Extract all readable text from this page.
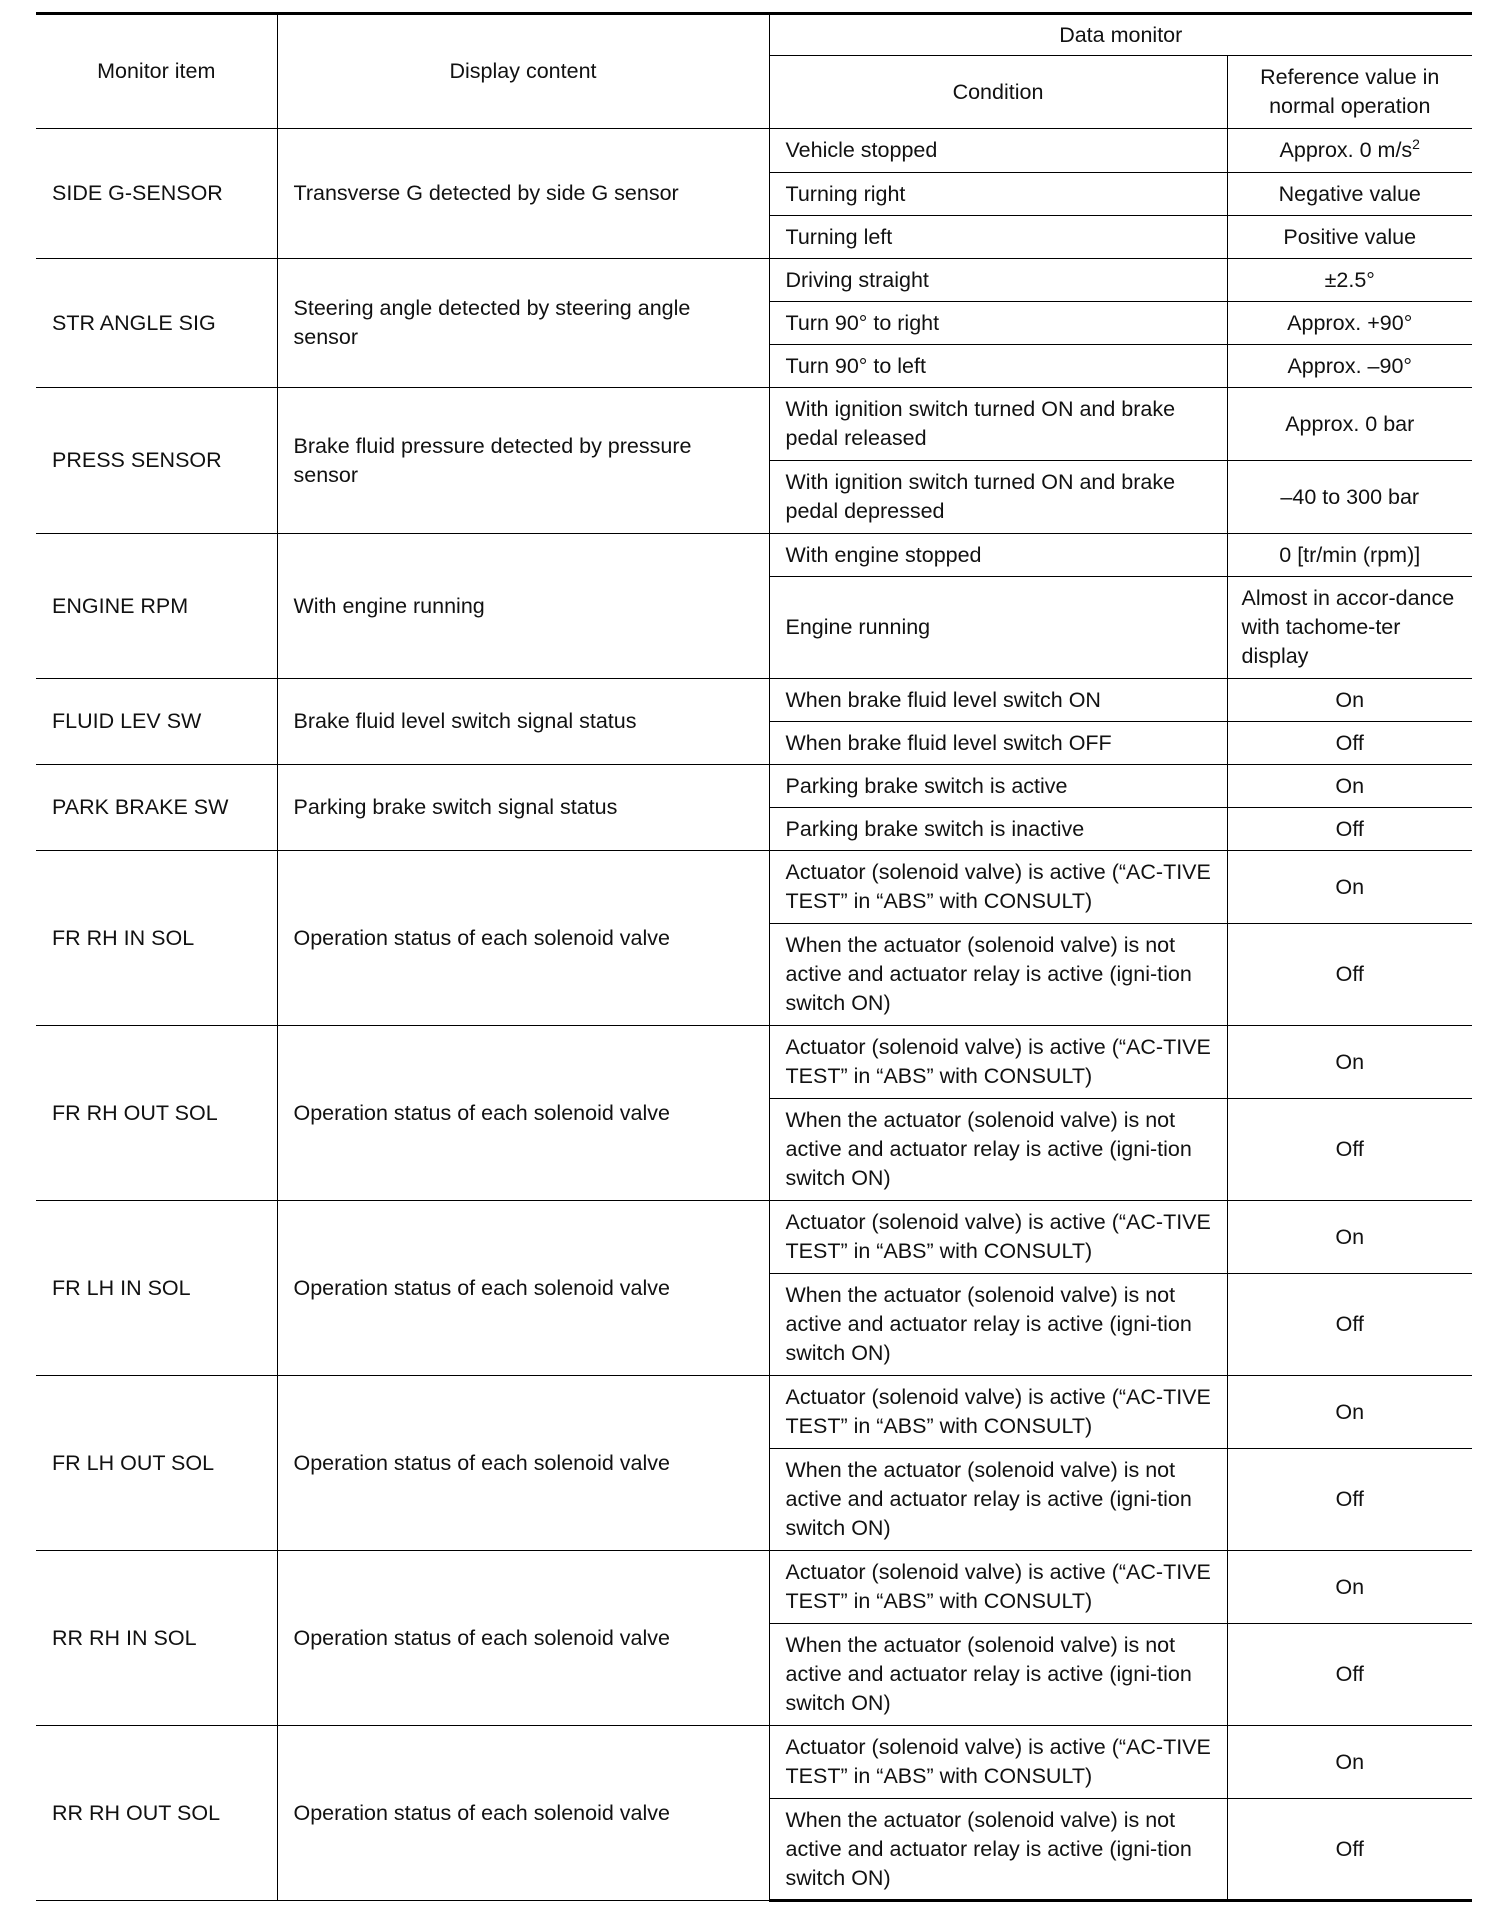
Monitor item	Display content	Data monitor	
		Condition	Reference value in normal operation
SIDE G-SENSOR	Transverse G detected by side G sensor	Vehicle stopped	Approx. 0 $m/s^2$
		Turning right	Negative value
		Turning left	Positive value
STR ANGLE SIG	Steering angle detected by steering angle sensor	Driving straight	±2.5°
		Turn 90° to right	Approx. +90°
		Turn 90° to left	Approx. –90°
PRESS SENSOR	Brake fluid pressure detected by pressure sensor	With ignition switch turned ON and brake pedal released	Approx. 0 bar
		With ignition switch turned ON and brake pedal depressed	–40 to 300 bar
ENGINE RPM	With engine running	With engine stopped	0 [tr/min (rpm)]
		Engine running	Almost in accor-dance with tachome-ter display
FLUID LEV SW	Brake fluid level switch signal status	When brake fluid level switch ON	On
		When brake fluid level switch OFF	Off
PARK BRAKE SW	Parking brake switch signal status	Parking brake switch is active	On
		Parking brake switch is inactive	Off
FR RH IN SOL	Operation status of each solenoid valve	Actuator (solenoid valve) is active (“AC-TIVE TEST” in “ABS” with CONSULT)	On
		When the actuator (solenoid valve) is not active and actuator relay is active (igni-tion switch ON)	Off
FR RH OUT SOL	Operation status of each solenoid valve	Actuator (solenoid valve) is active (“AC-TIVE TEST” in “ABS” with CONSULT)	On
		When the actuator (solenoid valve) is not active and actuator relay is active (igni-tion switch ON)	Off
FR LH IN SOL	Operation status of each solenoid valve	Actuator (solenoid valve) is active (“AC-TIVE TEST” in “ABS” with CONSULT)	On
		When the actuator (solenoid valve) is not active and actuator relay is active (igni-tion switch ON)	Off
FR LH OUT SOL	Operation status of each solenoid valve	Actuator (solenoid valve) is active (“AC-TIVE TEST” in “ABS” with CONSULT)	On
		When the actuator (solenoid valve) is not active and actuator relay is active (igni-tion switch ON)	Off
RR RH IN SOL	Operation status of each solenoid valve	Actuator (solenoid valve) is active (“AC-TIVE TEST” in “ABS” with CONSULT)	On
		When the actuator (solenoid valve) is not active and actuator relay is active (igni-tion switch ON)	Off
RR RH OUT SOL	Operation status of each solenoid valve	Actuator (solenoid valve) is active (“AC-TIVE TEST” in “ABS” with CONSULT)	On
		When the actuator (solenoid valve) is not active and actuator relay is active (igni-tion switch ON)	Off
